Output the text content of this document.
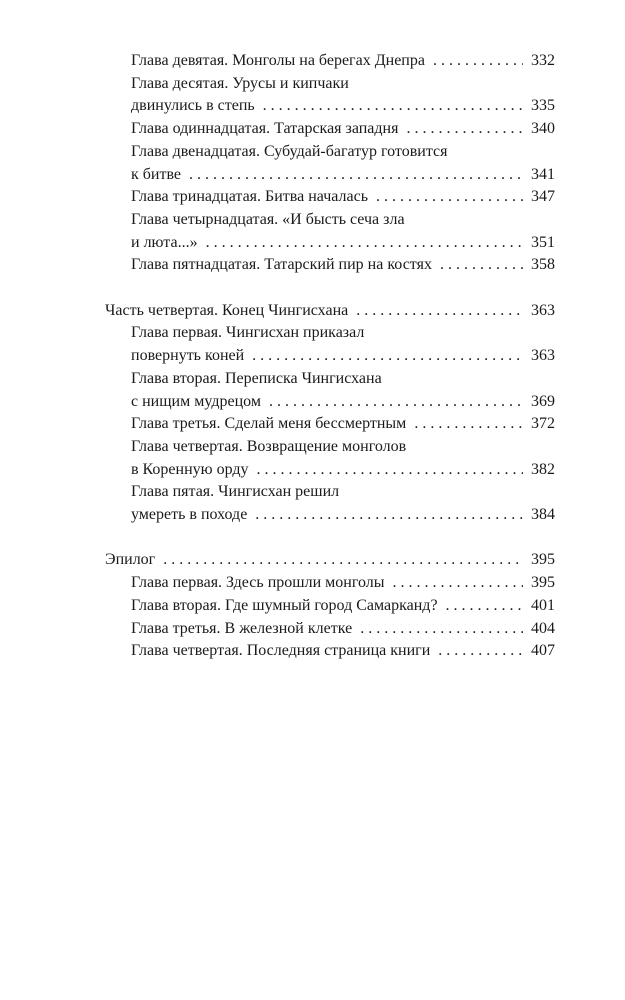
Глава девятая. Монголы на берегах Днепра . . .	332
Глава десятая. Урусы и кипчаки
двинулись в степь . . .	335
Глава одиннадцатая. Татарская западня . . .	340
Глава двенадцатая. Субудай-багатур готовится
к битве . . .	341
Глава тринадцатая. Битва началась . . .	347
Глава четырнадцатая. «И бысть сеча зла
и люта...» . . .	351
Глава пятнадцатая. Татарский пир на костях . . .	358
Часть четвертая. Конец Чингисхана . . .	363
Глава первая. Чингисхан приказал
повернуть коней . . .	363
Глава вторая. Переписка Чингисхана
с нищим мудрецом . . .	369
Глава третья. Сделай меня бессмертным . . .	372
Глава четвертая. Возвращение монголов
в Коренную орду . . .	382
Глава пятая. Чингисхан решил
умереть в походе . . .	384
Эпилог . . .	395
Глава первая. Здесь прошли монголы . . .	395
Глава вторая. Где шумный город Самарканд? . . .	401
Глава третья. В железной клетке . . .	404
Глава четвертая. Последняя страница книги . . .	407
